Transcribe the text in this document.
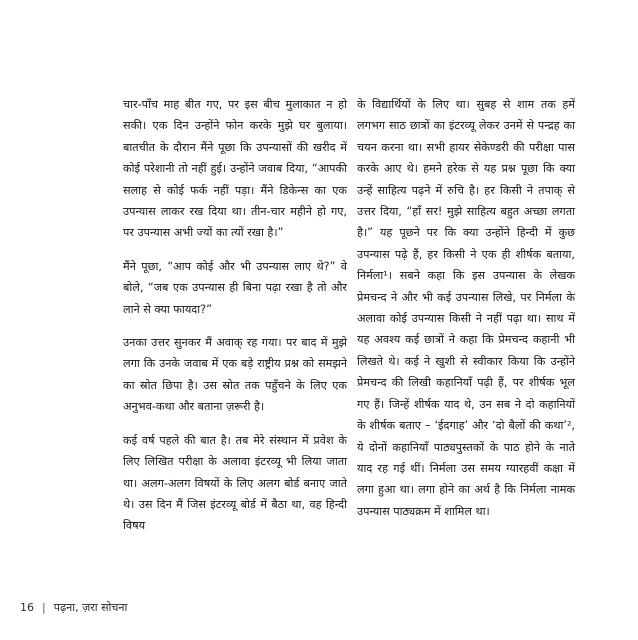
चार-पाँच माह बीत गए, पर इस बीच मुलाकात न हो सकी। एक दिन उन्होंने फोन करके मुझे घर बुलाया। बातचीत के दौरान मैंने पूछा कि उपन्यासों की खरीद में कोई परेशानी तो नहीं हुई। उन्होंने जवाब दिया, “आपकी सलाह से कोई फर्क नहीं पड़ा। मैंने डिकेन्स का एक उपन्यास लाकर रख दिया था। तीन-चार महीने हो गए, पर उपन्यास अभी ज्यों का त्यों रखा है।”

मैंने पूछा, “आप कोई और भी उपन्यास लाए थे?” वे बोले, “जब एक उपन्यास ही बिना पढ़ा रखा है तो और लाने से क्या फायदा?”

उनका उत्तर सुनकर मैं अवाक् रह गया। पर बाद में मुझे लगा कि उनके जवाब में एक बड़े राष्ट्रीय प्रश्न को समझने का स्रोत छिपा है। उस स्रोत तक पहुँचने के लिए एक अनुभव-कथा और बताना ज़रूरी है।

कई वर्ष पहले की बात है। तब मेरे संस्थान में प्रवेश के लिए लिखित परीक्षा के अलावा इंटरव्यू भी लिया जाता था। अलग-अलग विषयों के लिए अलग बोर्ड बनाए जाते थे। उस दिन मैं जिस इंटरव्यू बोर्ड में बैठा था, वह हिन्दी विषय

के विद्यार्थियों के लिए था। सुबह से शाम तक हमें लगभग साठ छात्रों का इंटरव्यू लेकर उनमें से पन्द्रह का चयन करना था। सभी हायर सेकेण्डरी की परीक्षा पास करके आए थे। हमने हरेक से यह प्रश्न पूछा कि क्या उन्हें साहित्य पढ़ने में रुचि है। हर किसी ने तपाक् से उत्तर दिया, “हाँ सर! मुझे साहित्य बहुत अच्छा लगता है।” यह पूछने पर कि क्या उन्होंने हिन्दी में कुछ उपन्यास पढ़े हैं, हर किसी ने एक ही शीर्षक बताया, निर्मला¹। सबने कहा कि इस उपन्यास के लेखक प्रेमचन्द ने और भी कई उपन्यास लिखे, पर निर्मला के अलावा कोई उपन्यास किसी ने नहीं पढ़ा था। साथ में यह अवश्य कई छात्रों ने कहा कि प्रेमचन्द कहानी भी लिखते थे। कई ने खुशी से स्वीकार किया कि उन्होंने प्रेमचन्द की लिखी कहानियाँ पढ़ी हैं, पर शीर्षक भूल गए हैं। जिन्हें शीर्षक याद थे, उन सब ने दो कहानियों के शीर्षक बताए – ‘ईदगाह’ और ‘दो बैलों की कथा’², ये दोनों कहानियाँ पाठ्यपुस्तकों के पाठ होने के नाते याद रह गई थीं। निर्मला उस समय ग्यारहवीं कक्षा में लगा हुआ था। लगा होने का अर्थ है कि निर्मला नामक उपन्यास पाठ्यक्रम में शामिल था।

16 | पढ़ना, ज़रा सोचना
